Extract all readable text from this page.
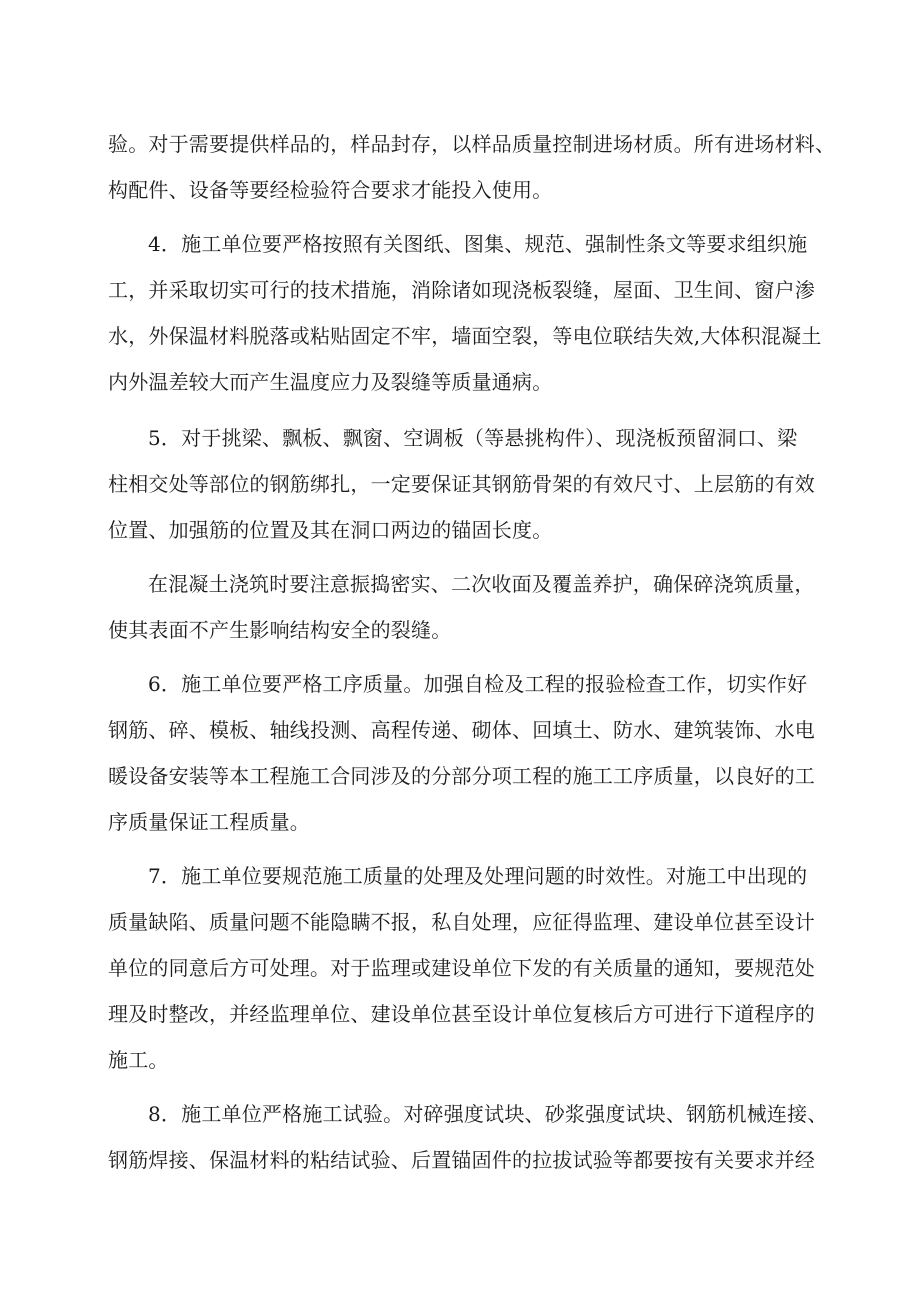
验。对于需要提供样品的，样品封存，以样品质量控制进场材质。所有进场材料、
构配件、设备等要经检验符合要求才能投入使用。
4．施工单位要严格按照有关图纸、图集、规范、强制性条文等要求组织施
工，并采取切实可行的技术措施，消除诸如现浇板裂缝，屋面、卫生间、窗户渗
水，外保温材料脱落或粘贴固定不牢，墙面空裂，等电位联结失效,大体积混凝土
内外温差较大而产生温度应力及裂缝等质量通病。
5．对于挑梁、飘板、飘窗、空调板（等悬挑构件）、现浇板预留洞口、梁
柱相交处等部位的钢筋绑扎，一定要保证其钢筋骨架的有效尺寸、上层筋的有效
位置、加强筋的位置及其在洞口两边的锚固长度。
在混凝土浇筑时要注意振捣密实、二次收面及覆盖养护，确保碎浇筑质量，
使其表面不产生影响结构安全的裂缝。
6．施工单位要严格工序质量。加强自检及工程的报验检查工作，切实作好
钢筋、碎、模板、轴线投测、高程传递、砌体、回填土、防水、建筑装饰、水电
暖设备安装等本工程施工合同涉及的分部分项工程的施工工序质量，以良好的工
序质量保证工程质量。
7．施工单位要规范施工质量的处理及处理问题的时效性。对施工中出现的
质量缺陷、质量问题不能隐瞒不报，私自处理，应征得监理、建设单位甚至设计
单位的同意后方可处理。对于监理或建设单位下发的有关质量的通知，要规范处
理及时整改，并经监理单位、建设单位甚至设计单位复核后方可进行下道程序的
施工。
8．施工单位严格施工试验。对碎强度试块、砂浆强度试块、钢筋机械连接、
钢筋焊接、保温材料的粘结试验、后置锚固件的拉拔试验等都要按有关要求并经
